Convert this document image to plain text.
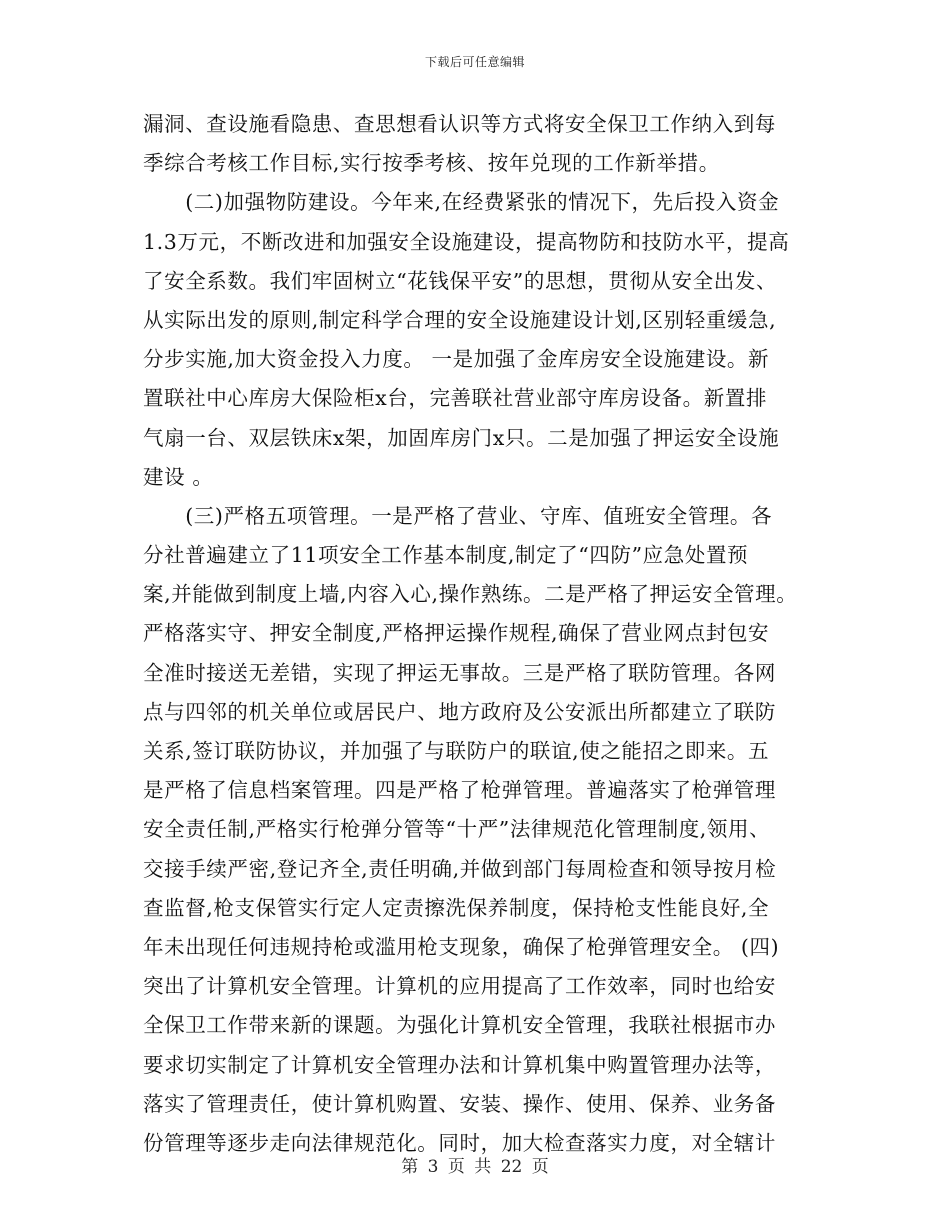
下载后可任意编辑
漏洞、查设施看隐患、查思想看认识等方式将安全保卫工作纳入到每
季综合考核工作目标,实行按季考核、按年兑现的工作新举措。
　　(二)加强物防建设。今年来,在经费紧张的情况下，先后投入资金
1.3万元，不断改进和加强安全设施建设，提高物防和技防水平，提高
了安全系数。我们牢固树立“花钱保平安”的思想，贯彻从安全出发、
从实际出发的原则,制定科学合理的安全设施建设计划,区别轻重缓急,
分步实施,加大资金投入力度。 一是加强了金库房安全设施建设。新
置联社中心库房大保险柜x台，完善联社营业部守库房设备。新置排
气扇一台、双层铁床x架，加固库房门x只。二是加强了押运安全设施
建设 。
　　(三)严格五项管理。一是严格了营业、守库、值班安全管理。各
分社普遍建立了11项安全工作基本制度,制定了“四防”应急处置预
案,并能做到制度上墙,内容入心,操作熟练。二是严格了押运安全管理。
严格落实守、押安全制度,严格押运操作规程,确保了营业网点封包安
全准时接送无差错，实现了押运无事故。三是严格了联防管理。各网
点与四邻的机关单位或居民户、地方政府及公安派出所都建立了联防
关系,签订联防协议，并加强了与联防户的联谊,使之能招之即来。五
是严格了信息档案管理。四是严格了枪弹管理。普遍落实了枪弹管理
安全责任制,严格实行枪弹分管等“十严”法律规范化管理制度,领用、
交接手续严密,登记齐全,责任明确,并做到部门每周检查和领导按月检
查监督,枪支保管实行定人定责擦洗保养制度，保持枪支性能良好,全
年未出现任何违规持枪或滥用枪支现象，确保了枪弹管理安全。 (四)
突出了计算机安全管理。计算机的应用提高了工作效率，同时也给安
全保卫工作带来新的课题。为强化计算机安全管理，我联社根据市办
要求切实制定了计算机安全管理办法和计算机集中购置管理办法等，
落实了管理责任，使计算机购置、安装、操作、使用、保养、业务备
份管理等逐步走向法律规范化。同时，加大检查落实力度，对全辖计
第 3 页 共 22 页
